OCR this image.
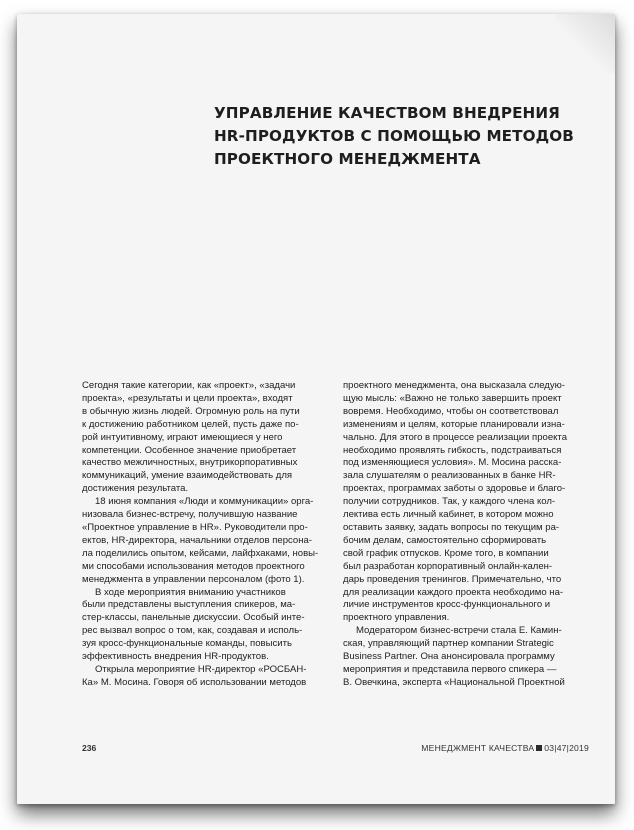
УПРАВЛЕНИЕ КАЧЕСТВОМ ВНЕДРЕНИЯ
HR-ПРОДУКТОВ С ПОМОЩЬЮ МЕТОДОВ
ПРОЕКТНОГО МЕНЕДЖМЕНТА
Сегодня такие категории, как «проект», «задачи
проекта», «результаты и цели проекта», входят
в обычную жизнь людей. Огромную роль на пути
к достижению работником целей, пусть даже по-
рой интуитивному, играют имеющиеся у него
компетенции. Особенное значение приобретает
качество межличностных, внутрикорпоративных
коммуникаций, умение взаимодействовать для
достижения результата.
18 июня компания «Люди и коммуникации» орга-
низовала бизнес-встречу, получившую название
«Проектное управление в HR». Руководители про-
ектов, HR-директора, начальники отделов персона-
ла поделились опытом, кейсами, лайфхаками, новы-
ми способами использования методов проектного
менеджмента в управлении персоналом (фото 1).
В ходе мероприятия вниманию участников
были представлены выступления спикеров, ма-
стер-классы, панельные дискуссии. Особый инте-
рес вызвал вопрос о том, как, создавая и исполь-
зуя кросс-функциональные команды, повысить
эффективность внедрения HR-продуктов.
Открыла мероприятие HR-директор «РОСБАН-
Ка» М. Мосина. Говоря об использовании методов
проектного менеджмента, она высказала следую-
щую мысль: «Важно не только завершить проект
вовремя. Необходимо, чтобы он соответствовал
изменениям и целям, которые планировали изна-
чально. Для этого в процессе реализации проекта
необходимо проявлять гибкость, подстраиваться
под изменяющиеся условия». М. Мосина расска-
зала слушателям о реализованных в банке HR-
проектах, программах заботы о здоровье и благо-
получии сотрудников. Так, у каждого члена кол-
лектива есть личный кабинет, в котором можно
оставить заявку, задать вопросы по текущим ра-
бочим делам, самостоятельно сформировать
свой график отпусков. Кроме того, в компании
был разработан корпоративный онлайн-кален-
дарь проведения тренингов. Примечательно, что
для реализации каждого проекта необходимо на-
личие инструментов кросс-функционального и
проектного управления.
Модератором бизнес-встречи стала Е. Камин-
ская, управляющий партнер компании Strategic
Business Partner. Она анонсировала программу
мероприятия и представила первого спикера —
В. Овечкина, эксперта «Национальной Проектной
236	МЕНЕДЖМЕНТ КАЧЕСТВА 03|47|2019
